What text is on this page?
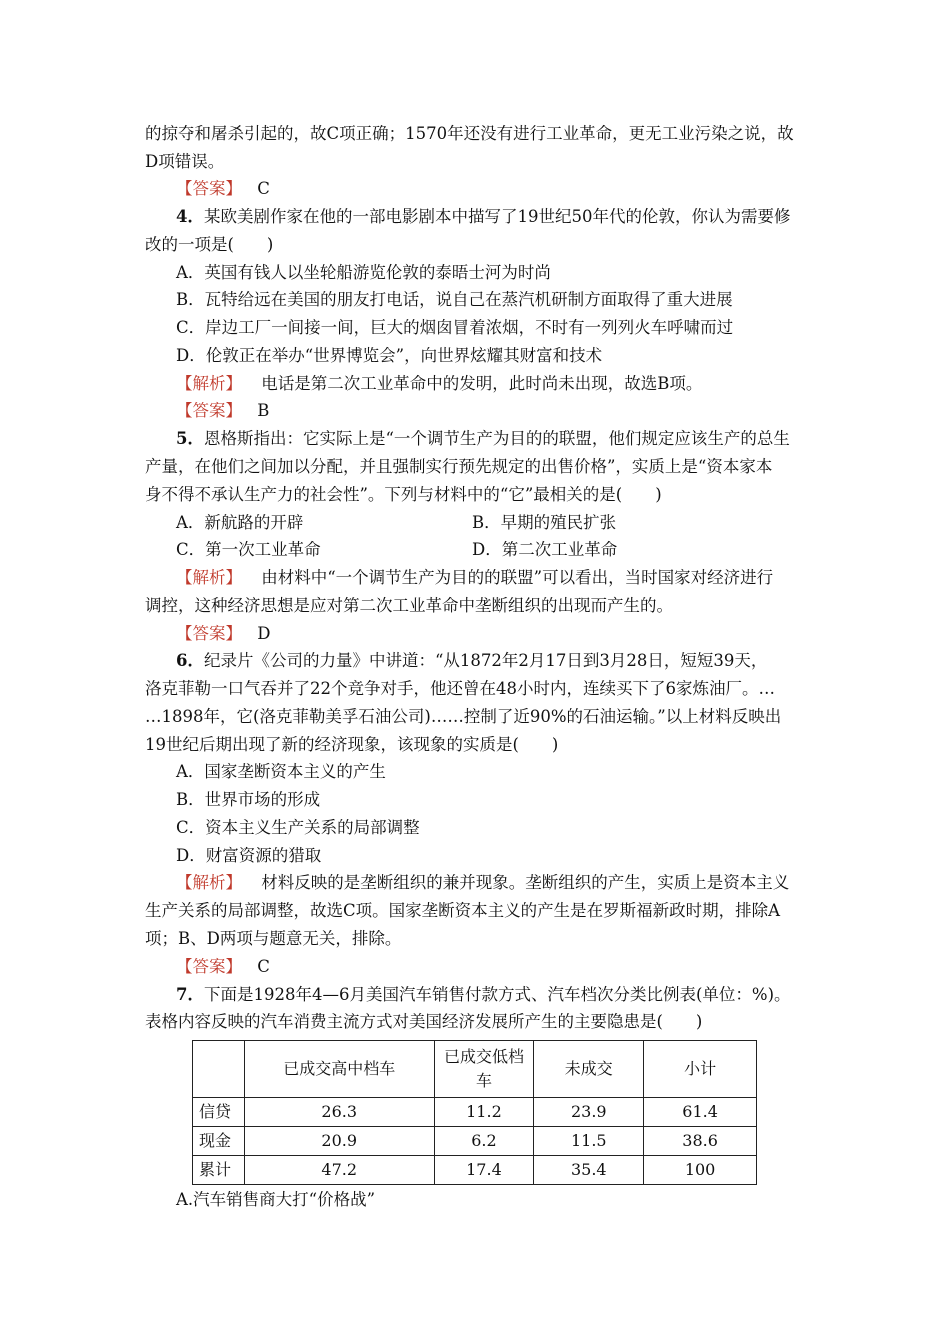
的掠夺和屠杀引起的，故C项正确；1570年还没有进行工业革命，更无工业污染之说，故
D项错误。
【答案】 C
4．某欧美剧作家在他的一部电影剧本中描写了19世纪50年代的伦敦，你认为需要修
改的一项是(　　)
A．英国有钱人以坐轮船游览伦敦的泰晤士河为时尚
B．瓦特给远在美国的朋友打电话，说自己在蒸汽机研制方面取得了重大进展
C．岸边工厂一间接一间，巨大的烟囱冒着浓烟，不时有一列列火车呼啸而过
D．伦敦正在举办“世界博览会”，向世界炫耀其财富和技术
【解析】 电话是第二次工业革命中的发明，此时尚未出现，故选B项。
【答案】 B
5．恩格斯指出：它实际上是“一个调节生产为目的的联盟，他们规定应该生产的总生
产量，在他们之间加以分配，并且强制实行预先规定的出售价格”，实质上是“资本家本
身不得不承认生产力的社会性”。下列与材料中的“它”最相关的是(　　)
A．新航路的开辟	B．早期的殖民扩张
C．第一次工业革命	D．第二次工业革命
【解析】 由材料中“一个调节生产为目的的联盟”可以看出，当时国家对经济进行
调控，这种经济思想是应对第二次工业革命中垄断组织的出现而产生的。
【答案】 D
6．纪录片《公司的力量》中讲道：“从1872年2月17日到3月28日，短短39天，
洛克菲勒一口气吞并了22个竞争对手，他还曾在48小时内，连续买下了6家炼油厂。…
…1898年，它(洛克菲勒美孚石油公司)……控制了近90%的石油运输。”以上材料反映出
19世纪后期出现了新的经济现象，该现象的实质是(　　)
A．国家垄断资本主义的产生
B．世界市场的形成
C．资本主义生产关系的局部调整
D．财富资源的猎取
【解析】 材料反映的是垄断组织的兼并现象。垄断组织的产生，实质上是资本主义
生产关系的局部调整，故选C项。国家垄断资本主义的产生是在罗斯福新政时期，排除A
项；B、D两项与题意无关，排除。
【答案】 C
7．下面是1928年4—6月美国汽车销售付款方式、汽车档次分类比例表(单位：%)。
表格内容反映的汽车消费主流方式对美国经济发展所产生的主要隐患是(　　)
	已成交高中档车	已成交低档车	未成交	小计
信贷	26.3	11.2	23.9	61.4
现金	20.9	6.2	11.5	38.6
累计	47.2	17.4	35.4	100
A.汽车销售商大打“价格战”
